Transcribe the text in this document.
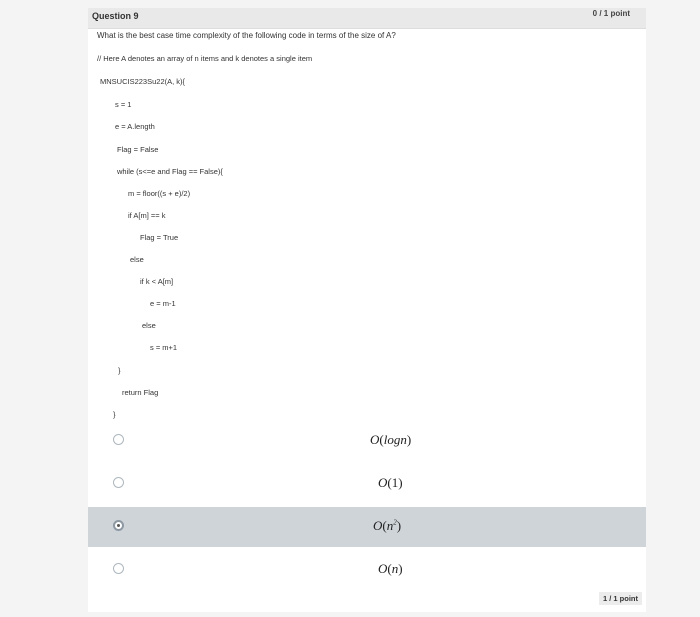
Question 9	0 / 1 point
What is the best case time complexity of the following code in terms of the size of A?
// Here A denotes an array of n items and k denotes a single item
MNSUCIS223Su22(A, k){
s = 1
e = A.length
Flag = False
while (s<=e and Flag == False){
m = floor((s + e)/2)
if A[m] == k
Flag = True
else
if k < A[m]
e = m-1
else
s = m+1
}
return Flag
}
O(logn)
O(1)
$O(n^2)$
O(n)
1 / 1 point
